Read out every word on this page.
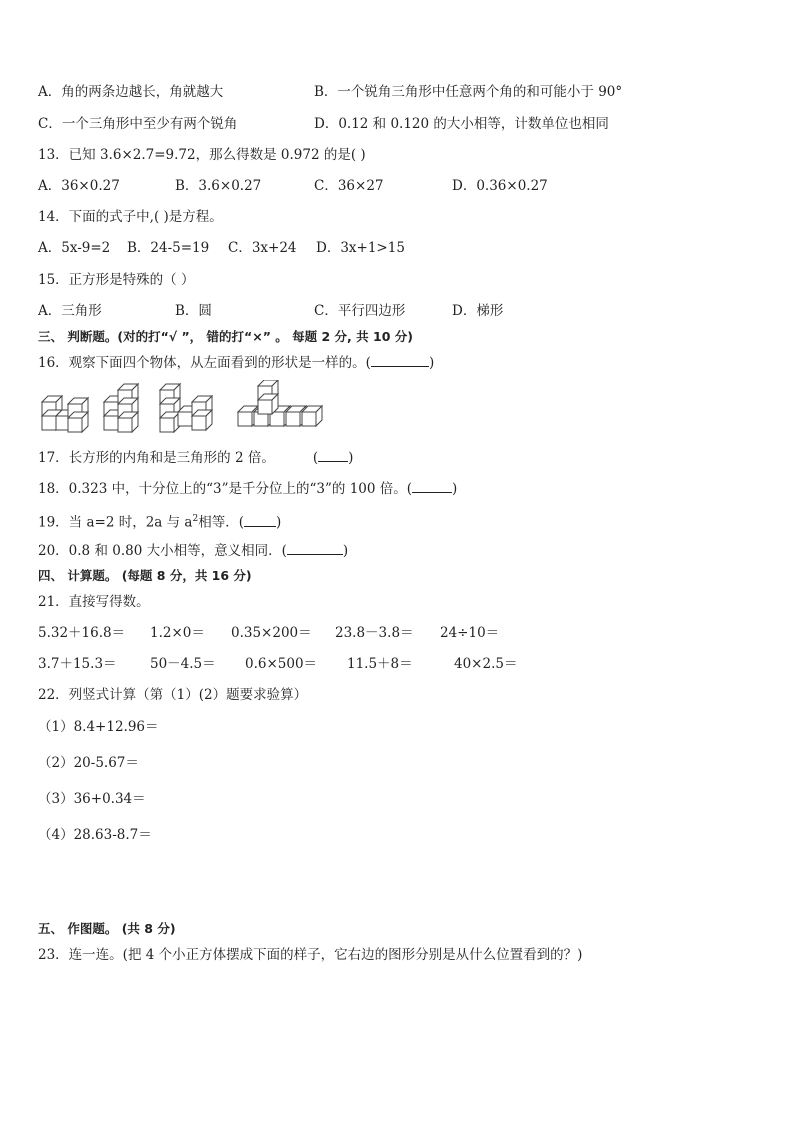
A．角的两条边越长，角就越大	B．一个锐角三角形中任意两个角的和可能小于 90°
C．一个三角形中至少有两个锐角	D．0.12 和 0.120 的大小相等，计数单位也相同
13．已知 3.6×2.7=9.72，那么得数是 0.972 的是( )
A．36×0.27	B．3.6×0.27	C．36×27	D．0.36×0.27
14．下面的式子中,( )是方程。
A．5x-9=2 B．24-5=19 C．3x+24 D．3x+1>15
15．正方形是特殊的（ ）
A．三角形	B．圆	C．平行四边形	D．梯形
三、 判断题。(对的打“√ ”， 错的打“×” 。 每题 2 分, 共 10 分)
16．观察下面四个物体，从左面看到的形状是一样的。(	)
17．长方形的内角和是三角形的 2 倍。	( )
18．0.323 中，十分位上的“3”是千分位上的“3”的 100 倍。(	)
19．当 a=2 时，2a 与 $a^2$相等．( )
20．0.8 和 0.80 大小相等，意义相同．(	)
四、 计算题。 (每题 8 分，共 16 分)
21．直接写得数。
5.32＋16.8＝ 1.2×0＝ 0.35×200＝ 23.8－3.8＝ 24÷10＝
3.7＋15.3＝ 50－4.5＝ 0.6×500＝ 11.5＋8＝	40×2.5＝
22．列竖式计算（第（1）(2）题要求验算）
（1）8.4+12.96＝
（2）20-5.67＝
（3）36+0.34＝
（4）28.63-8.7＝
五、 作图题。 (共 8 分)
23．连一连。(把 4 个小正方体摆成下面的样子，它右边的图形分别是从什么位置看到的？)
